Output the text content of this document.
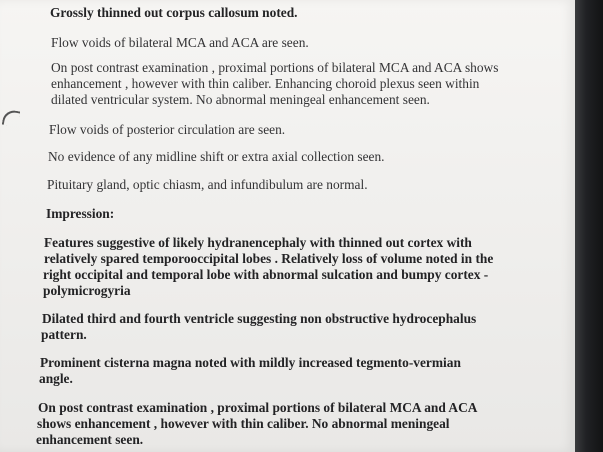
Grossly thinned out corpus callosum noted.
Flow voids of bilateral MCA and ACA are seen.
On post contrast examination , proximal portions of bilateral MCA and ACA shows
enhancement , however with thin caliber. Enhancing choroid plexus seen within
dilated ventricular system. No abnormal meningeal enhancement seen.
Flow voids of posterior circulation are seen.
No evidence of any midline shift or extra axial collection seen.
Pituitary gland, optic chiasm, and infundibulum are normal.
Impression:
Features suggestive of likely hydranencephaly with thinned out cortex with
relatively spared temporooccipital lobes . Relatively loss of volume noted in the
right occipital and temporal lobe with abnormal sulcation and bumpy cortex -
polymicrogyria
Dilated third and fourth ventricle suggesting non obstructive hydrocephalus
pattern.
Prominent cisterna magna noted with mildly increased tegmento-vermian
angle.
On post contrast examination , proximal portions of bilateral MCA and ACA
shows enhancement , however with thin caliber. No abnormal meningeal
enhancement seen.
